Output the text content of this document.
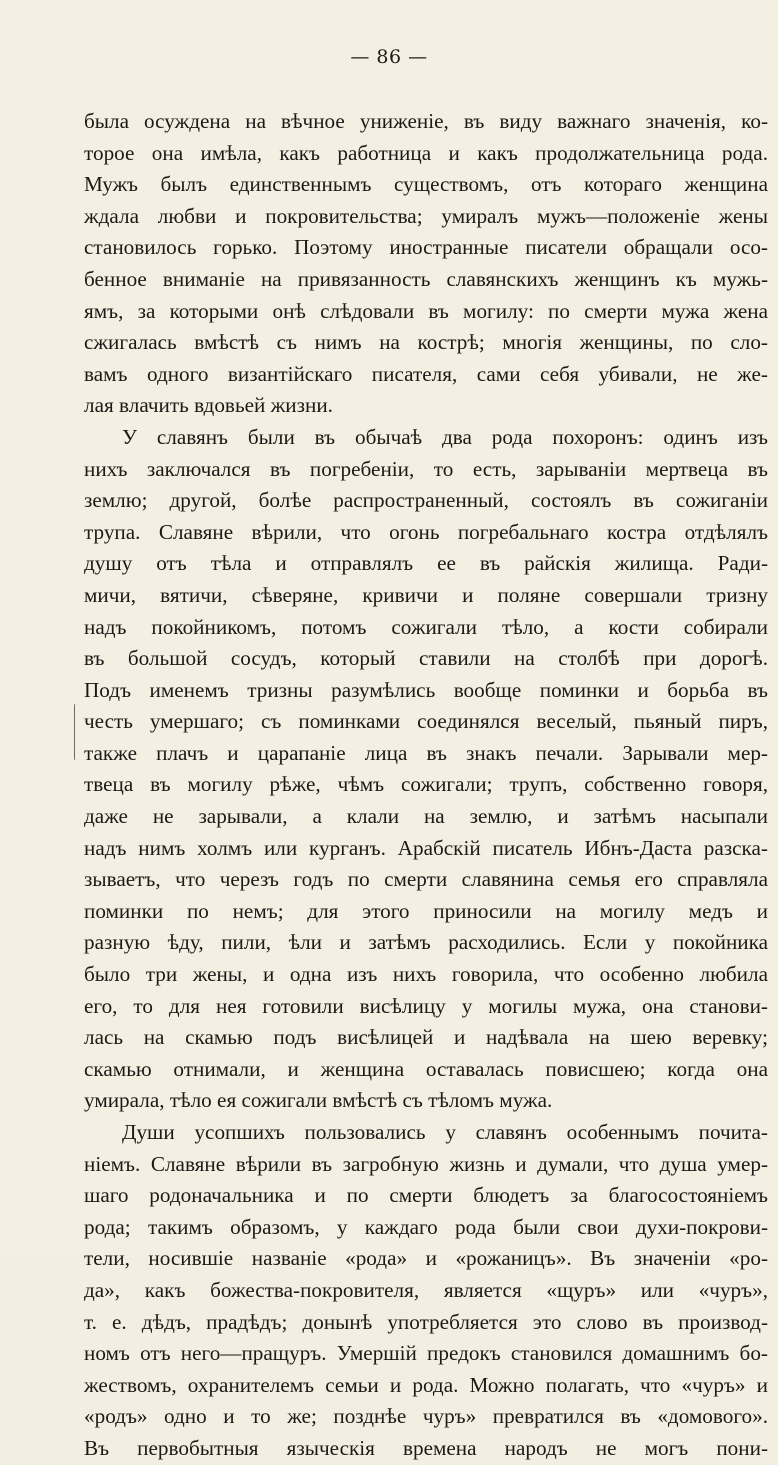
— 86 —
была осуждена на вѣчное униженіе, въ виду важнаго значенія, ко-
торое она имѣла, какъ работница и какъ продолжательница рода.
Мужъ былъ единственнымъ существомъ, отъ котораго женщина
ждала любви и покровительства; умиралъ мужъ—положеніе жены
становилось горько. Поэтому иностранные писатели обращали осо-
бенное вниманіе на привязанность славянскихъ женщинъ къ мужь-
ямъ, за которыми онѣ слѣдовали въ могилу: по смерти мужа жена
сжигалась вмѣстѣ съ нимъ на кострѣ; многія женщины, по сло-
вамъ одного византійскаго писателя, сами себя убивали, не же-
лая влачить вдовьей жизни.
У славянъ были въ обычаѣ два рода похоронъ: одинъ изъ
нихъ заключался въ погребеніи, то есть, зарываніи мертвеца въ
землю; другой, болѣе распространенный, состоялъ въ сожиганіи
трупа. Славяне вѣрили, что огонь погребальнаго костра отдѣлялъ
душу отъ тѣла и отправлялъ ее въ райскія жилища. Ради-
мичи, вятичи, сѣверяне, кривичи и поляне совершали тризну
надъ покойникомъ, потомъ сожигали тѣло, а кости собирали
въ большой сосудъ, который ставили на столбѣ при дорогѣ.
Подъ именемъ тризны разумѣлись вообще поминки и борьба въ
честь умершаго; съ поминками соединялся веселый, пьяный пиръ,
также плачъ и царапаніе лица въ знакъ печали. Зарывали мер-
твеца въ могилу рѣже, чѣмъ сожигали; трупъ, собственно говоря,
даже не зарывали, а клали на землю, и затѣмъ насыпали
надъ нимъ холмъ или курганъ. Арабскій писатель Ибнъ-Даста разска-
зываетъ, что черезъ годъ по смерти славянина семья его справляла
поминки по немъ; для этого приносили на могилу медъ и
разную ѣду, пили, ѣли и затѣмъ расходились. Если у покойника
было три жены, и одна изъ нихъ говорила, что особенно любила
его, то для нея готовили висѣлицу у могилы мужа, она станови-
лась на скамью подъ висѣлицей и надѣвала на шею веревку;
скамью отнимали, и женщина оставалась повисшею; когда она
умирала, тѣло ея сожигали вмѣстѣ съ тѣломъ мужа.
Души усопшихъ пользовались у славянъ особеннымъ почита-
ніемъ. Славяне вѣрили въ загробную жизнь и думали, что душа умер-
шаго родоначальника и по смерти блюдетъ за благосостояніемъ
рода; такимъ образомъ, у каждаго рода были свои духи-покрови-
тели, носившіе названіе «рода» и «рожаницъ». Въ значеніи «ро-
да», какъ божества-покровителя, является «щуръ» или «чуръ»,
т. е. дѣдъ, прадѣдъ; донынѣ употребляется это слово въ производ-
номъ отъ него—пращуръ. Умершій предокъ становился домашнимъ бо-
жествомъ, охранителемъ семьи и рода. Можно полагать, что «чуръ» и
«родъ» одно и то же; позднѣе чуръ» превратился въ «домового».
Въ первобытныя языческія времена народъ не могъ пони-
